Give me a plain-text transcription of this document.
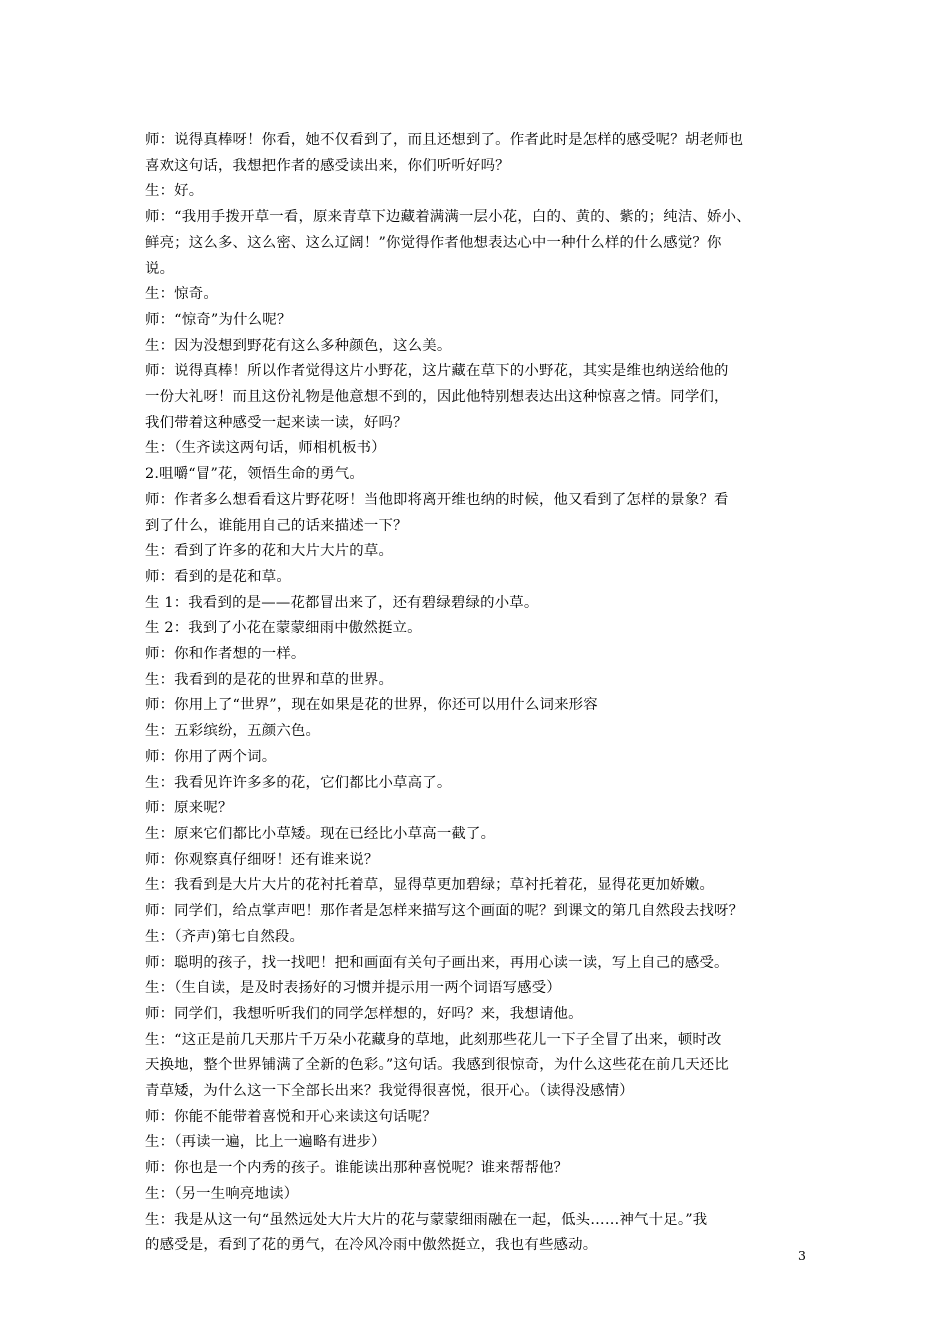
师：说得真棒呀！你看，她不仅看到了，而且还想到了。作者此时是怎样的感受呢？胡老师也

喜欢这句话，我想把作者的感受读出来，你们听听好吗？

生：好。

师：“我用手拨开草一看，原来青草下边藏着满满一层小花，白的、黄的、紫的；纯洁、娇小、

鲜亮；这么多、这么密、这么辽阔！”你觉得作者他想表达心中一种什么样的什么感觉？你

说。

生：惊奇。

师：“惊奇”为什么呢？

生：因为没想到野花有这么多种颜色，这么美。

师：说得真棒！所以作者觉得这片小野花，这片藏在草下的小野花，其实是维也纳送给他的

一份大礼呀！而且这份礼物是他意想不到的，因此他特别想表达出这种惊喜之情。同学们，

我们带着这种感受一起来读一读，好吗？

生：（生齐读这两句话，师相机板书）

2.咀嚼“冒”花，领悟生命的勇气。

师：作者多么想看看这片野花呀！当他即将离开维也纳的时候，他又看到了怎样的景象？看

到了什么，谁能用自己的话来描述一下？

生：看到了许多的花和大片大片的草。

师：看到的是花和草。

生 1：我看到的是——花都冒出来了，还有碧绿碧绿的小草。

生 2：我到了小花在蒙蒙细雨中傲然挺立。

师：你和作者想的一样。

生：我看到的是花的世界和草的世界。

师：你用上了“世界”，现在如果是花的世界，你还可以用什么词来形容

生：五彩缤纷，五颜六色。

师：你用了两个词。

生：我看见许许多多的花，它们都比小草高了。

师：原来呢？

生：原来它们都比小草矮。现在已经比小草高一截了。

师：你观察真仔细呀！还有谁来说？

生：我看到是大片大片的花衬托着草，显得草更加碧绿；草衬托着花，显得花更加娇嫩。

师：同学们，给点掌声吧！那作者是怎样来描写这个画面的呢？到课文的第几自然段去找呀？

生：（齐声)第七自然段。

师：聪明的孩子，找一找吧！把和画面有关句子画出来，再用心读一读，写上自己的感受。

生：（生自读，是及时表扬好的习惯并提示用一两个词语写感受）

师：同学们，我想听听我们的同学怎样想的，好吗？来，我想请他。

生：“这正是前几天那片千万朵小花藏身的草地，此刻那些花儿一下子全冒了出来，顿时改

天换地，整个世界铺满了全新的色彩。”这句话。我感到很惊奇，为什么这些花在前几天还比

青草矮，为什么这一下全部长出来？我觉得很喜悦，很开心。（读得没感情）

师：你能不能带着喜悦和开心来读这句话呢？

生：（再读一遍，比上一遍略有进步）

师：你也是一个内秀的孩子。谁能读出那种喜悦呢？谁来帮帮他？

生：（另一生响亮地读）

生：我是从这一句“虽然远处大片大片的花与蒙蒙细雨融在一起，低头……神气十足。”我

的感受是，看到了花的勇气，在冷风冷雨中傲然挺立，我也有些感动。

3
